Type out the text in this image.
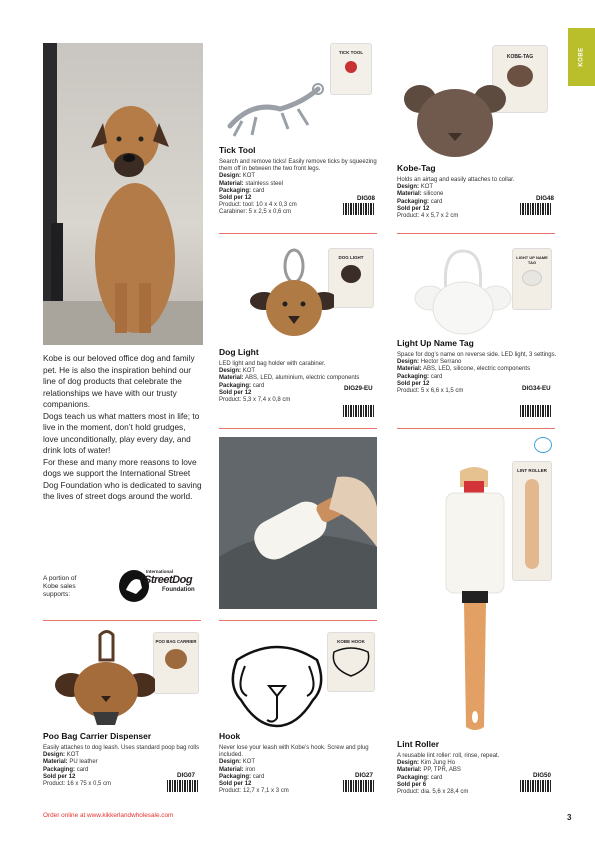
KOBE

Kobe is our beloved office dog and family pet. He is also the inspiration behind our line of dog products that celebrate the relationships we have with our trusty companions.

Dogs teach us what matters most in life; to live in the moment, don’t hold grudges, love unconditionally, play every day, and drink lots of water!

For these and many more reasons to love dogs we support the International Street Dog Foundation who is dedicated to saving the lives of street dogs around the world.

A portion of Kobe sales supports:
International
StreetDog
Foundation
TICK TOOL
Tick Tool
Search and remove ticks! Easily remove ticks by squeezing them off in between the two front legs.
Design: KOT
Material: stainless steel
Packaging: card
Sold per 12
Product: tool: 10 x 4 x 0,3 cm
Carabiner: 5 x 2,5 x 0,6 cm
DIG08
KOBE-TAG
Kobe-Tag
Holds an airtag and easily attaches to collar.
Design: KOT
Material: silicone
Packaging: card
Sold per 12
Product: 4 x 5,7 x 2 cm
DIG48
DOG LIGHT
Dog Light
LED light and bag holder with carabiner.
Design: KOT
Material: ABS, LED, aluminium, electric components
Packaging: card
Sold per 12
Product: 5,3 x 7,4 x 0,8 cm
DIG29-EU
LIGHT UP NAME TAG
Light Up Name Tag
Space for dog’s name on reverse side. LED light, 3 settings.
Design: Hector Serrano
Material: ABS, LED, silicone, electric components
Packaging: card
Sold per 12
Product: 5 x 6,6 x 1,5 cm	DIG34-EU
LINT ROLLER
Lint Roller
A reusable lint roller: roll, rinse, repeat.
Design: Kim Jung Ho
Material: PP, TPR, ABS
Packaging: card
Sold per 6
Product: dia. 5,6 x 28,4 cm
DIG50
POO BAG CARRIER
Poo Bag Carrier Dispenser
Easily attaches to dog leash. Uses standard poop bag rolls
Design: KOT
Material: PU leather
Packaging: card
Sold per 12
Product: 16 x 75 x 0,5 cm
DIG07
KOBE HOOK
Hook
Never lose your leash with Kobe’s hook. Screw and plug included.
Design: KOT
Material: iron
Packaging: card
Sold per 12
Product: 12,7 x 7,1 x 3 cm
DIG27
Order online at www.kikkerlandwholesale.com	3
